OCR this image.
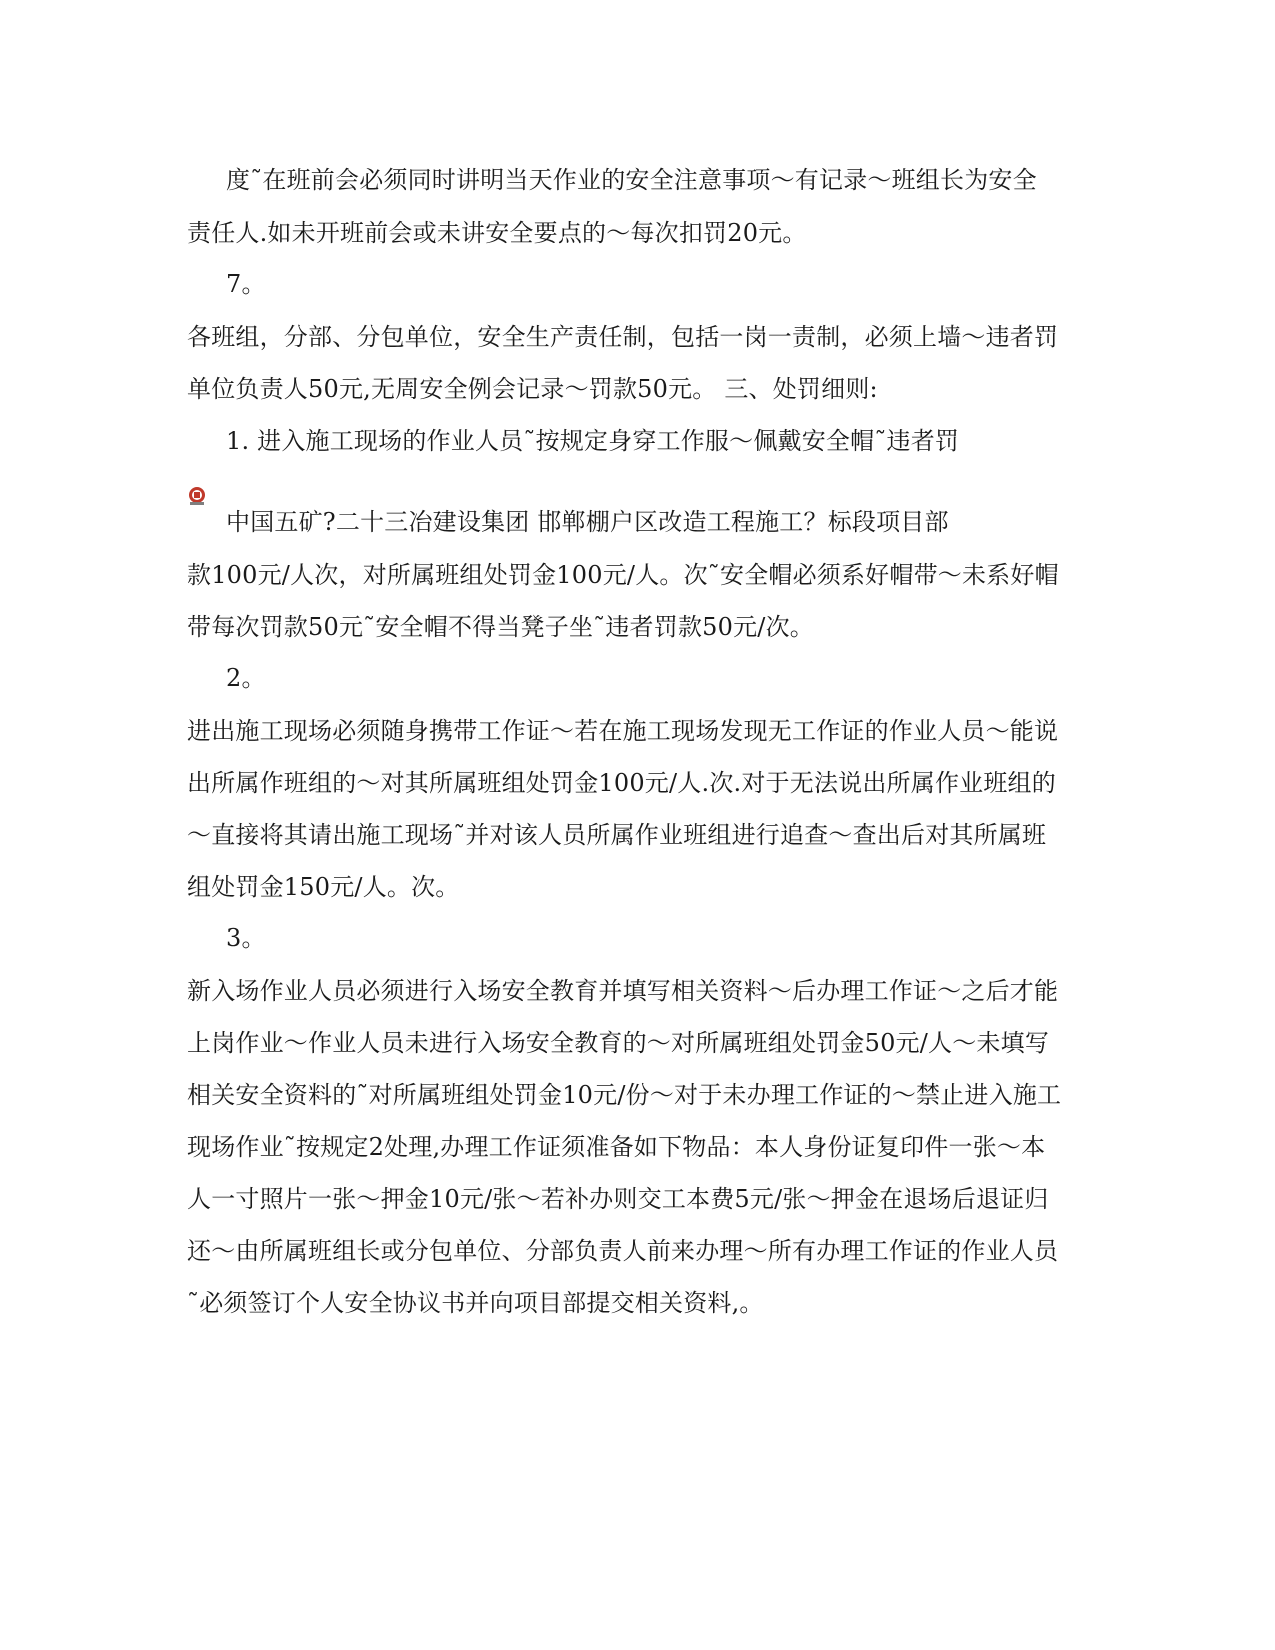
度˜在班前会必须同时讲明当天作业的安全注意事项～有记录～班组长为安全
责任人.如未开班前会或未讲安全要点的～每次扣罚20元。
7。
各班组，分部、分包单位，安全生产责任制，包括一岗一责制，必须上墙～违者罚
单位负责人50元,无周安全例会记录～罚款50元。 三、处罚细则:
1. 进入施工现场的作业人员˜按规定身穿工作服～佩戴安全帽˜违者罚
中国五矿?二十三冶建设集团 邯郸棚户区改造工程施工？标段项目部
款100元/人次，对所属班组处罚金100元/人。次˜安全帽必须系好帽带～未系好帽
带每次罚款50元˜安全帽不得当凳子坐˜违者罚款50元/次。
2。
进出施工现场必须随身携带工作证～若在施工现场发现无工作证的作业人员～能说
出所属作班组的～对其所属班组处罚金100元/人.次.对于无法说出所属作业班组的
～直接将其请出施工现场˜并对该人员所属作业班组进行追查～查出后对其所属班
组处罚金150元/人。次。
3。
新入场作业人员必须进行入场安全教育并填写相关资料～后办理工作证～之后才能
上岗作业～作业人员未进行入场安全教育的～对所属班组处罚金50元/人～未填写
相关安全资料的˜对所属班组处罚金10元/份～对于未办理工作证的～禁止进入施工
现场作业˜按规定2处理,办理工作证须准备如下物品：本人身份证复印件一张～本
人一寸照片一张～押金10元/张～若补办则交工本费5元/张～押金在退场后退证归
还～由所属班组长或分包单位、分部负责人前来办理～所有办理工作证的作业人员
˜必须签订个人安全协议书并向项目部提交相关资料,。
